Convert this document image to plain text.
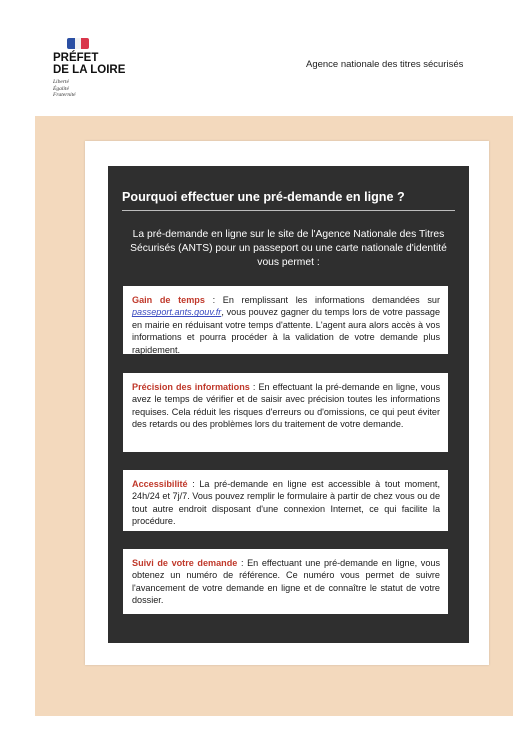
PRÉFET
DE LA LOIRE
Liberté
Égalité
Fraternité
Agence nationale des titres sécurisés
Pourquoi effectuer une pré-demande en ligne ?
La pré-demande en ligne sur le site de l'Agence Nationale des Titres Sécurisés (ANTS) pour un passeport ou une carte nationale d'identité vous permet :
Gain de temps : En remplissant les informations demandées sur passeport.ants.gouv.fr, vous pouvez gagner du temps lors de votre passage en mairie en réduisant votre temps d'attente. L'agent aura alors accès à vos informations et pourra procéder à la validation de votre demande plus rapidement.
Précision des informations : En effectuant la pré-demande en ligne, vous avez le temps de vérifier et de saisir avec précision toutes les informations requises. Cela réduit les risques d'erreurs ou d'omissions, ce qui peut éviter des retards ou des problèmes lors du traitement de votre demande.
Accessibilité : La pré-demande en ligne est accessible à tout moment, 24h/24 et 7j/7. Vous pouvez remplir le formulaire à partir de chez vous ou de tout autre endroit disposant d'une connexion Internet, ce qui facilite la procédure.
Suivi de votre demande : En effectuant une pré-demande en ligne, vous obtenez un numéro de référence. Ce numéro vous permet de suivre l'avancement de votre demande en ligne et de connaître le statut de votre dossier.
